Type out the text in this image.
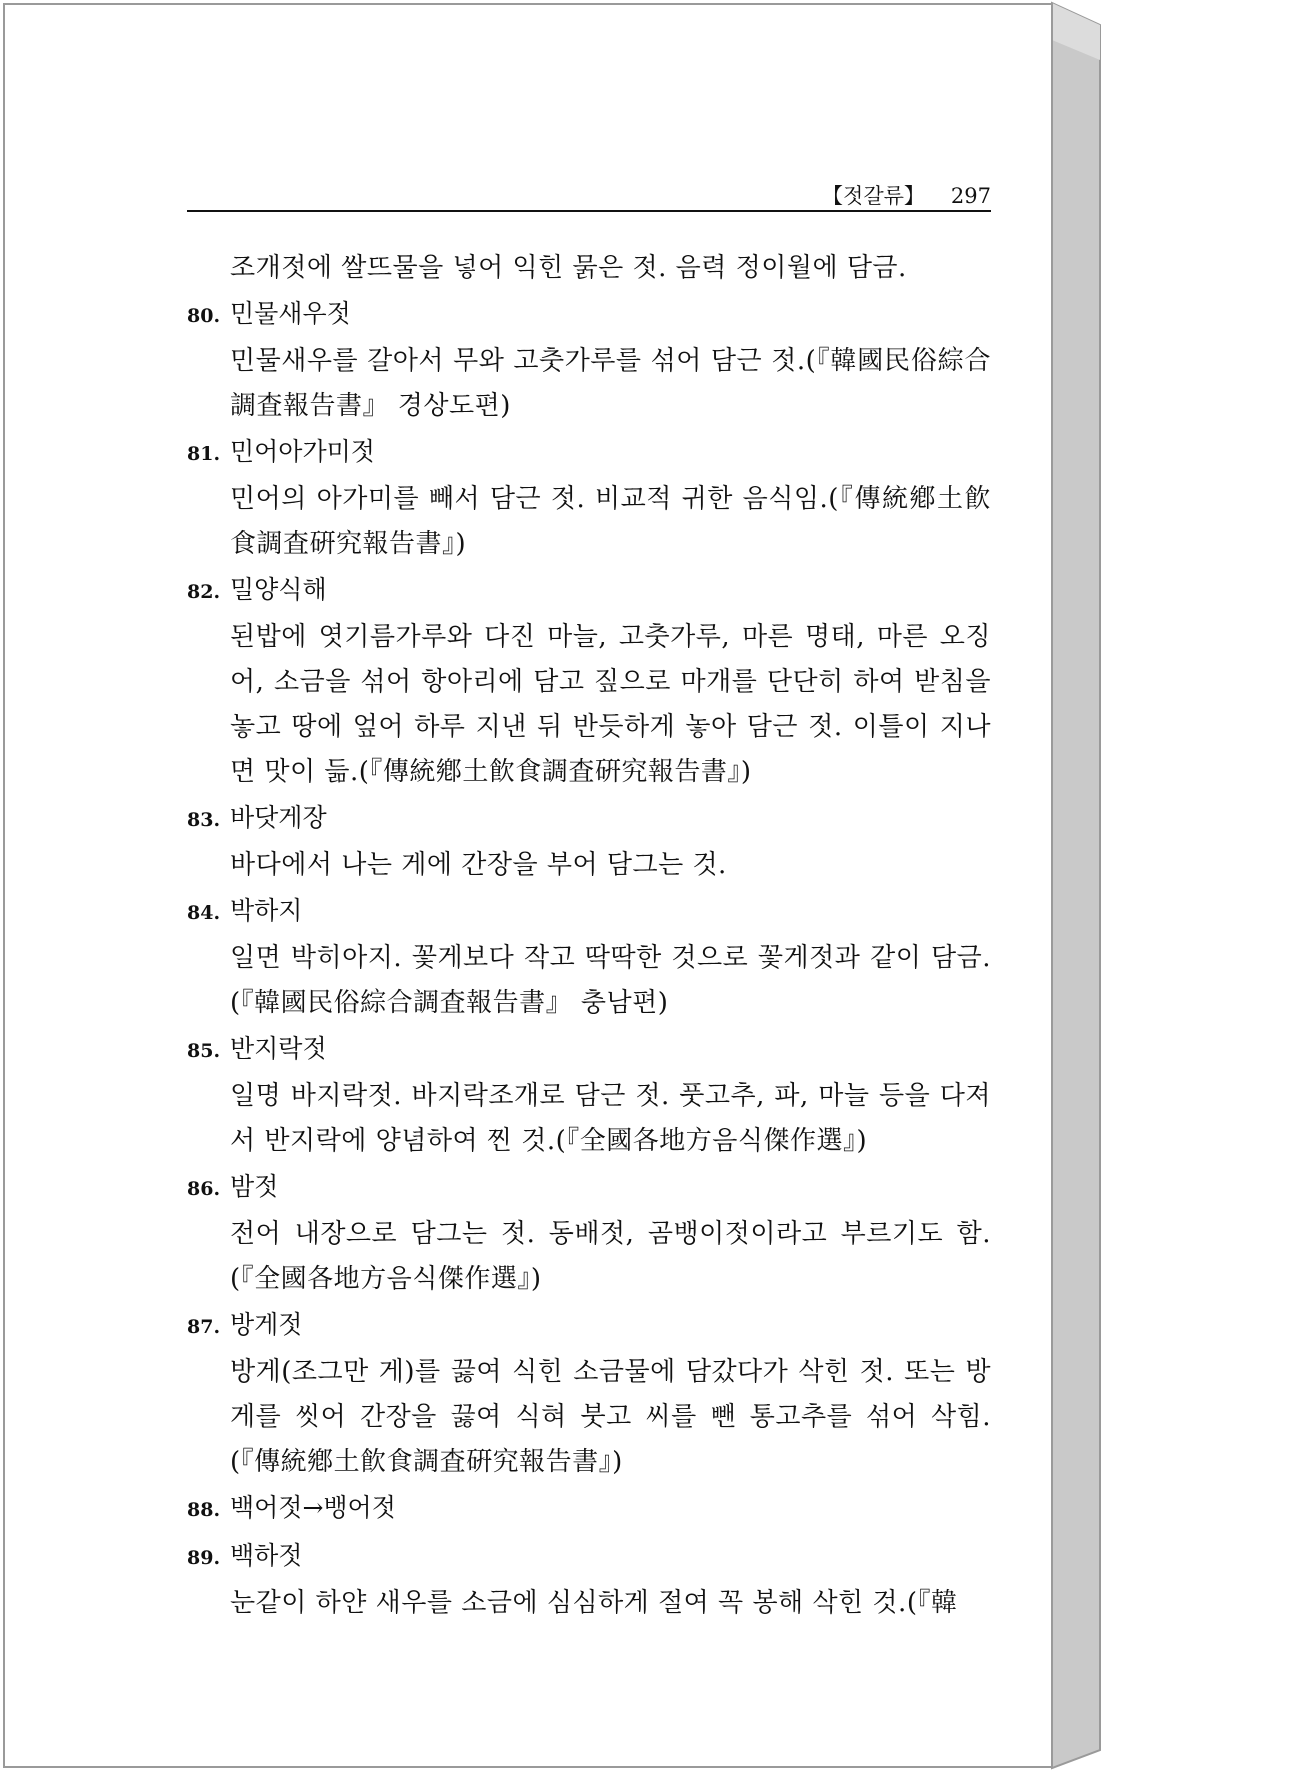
【젓갈류】 297
조개젓에 쌀뜨물을 넣어 익힌 묽은 젓. 음력 정이월에 담금.
80. 민물새우젓
민물새우를 갈아서 무와 고춧가루를 섞어 담근 젓.(『韓國民俗綜合調査報告書』 경상도편)
81. 민어아가미젓
민어의 아가미를 빼서 담근 젓. 비교적 귀한 음식임.(『傳統鄕土飮食調査硏究報告書』)
82. 밀양식해
된밥에 엿기름가루와 다진 마늘, 고춧가루, 마른 명태, 마른 오징어, 소금을 섞어 항아리에 담고 짚으로 마개를 단단히 하여 받침을 놓고 땅에 엎어 하루 지낸 뒤 반듯하게 놓아 담근 젓. 이틀이 지나면 맛이 듦.(『傳統鄕土飮食調査硏究報告書』)
83. 바닷게장
바다에서 나는 게에 간장을 부어 담그는 것.
84. 박하지
일면 박히아지. 꽃게보다 작고 딱딱한 것으로 꽃게젓과 같이 담금.(『韓國民俗綜合調査報告書』 충남편)
85. 반지락젓
일명 바지락젓. 바지락조개로 담근 젓. 풋고추, 파, 마늘 등을 다져서 반지락에 양념하여 찐 것.(『全國各地方음식傑作選』)
86. 밤젓
전어 내장으로 담그는 젓. 동배젓, 곰뱅이젓이라고 부르기도 함.(『全國各地方음식傑作選』)
87. 방게젓
방게(조그만 게)를 끓여 식힌 소금물에 담갔다가 삭힌 젓. 또는 방게를 씻어 간장을 끓여 식혀 붓고 씨를 뺀 통고추를 섞어 삭힘.(『傳統鄕土飮食調査硏究報告書』)
88. 백어젓→뱅어젓
89. 백하젓
눈같이 하얀 새우를 소금에 심심하게 절여 꼭 봉해 삭힌 것.(『韓
